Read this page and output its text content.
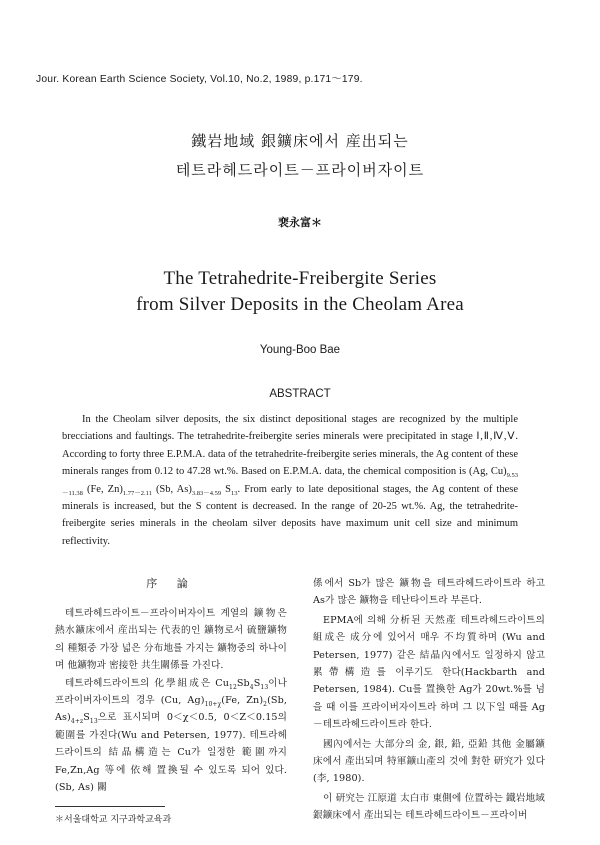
Jour. Korean Earth Science Society, Vol.10, No.2, 1989, p.171～179.
鐵岩地域 銀鑛床에서 産出되는
테트라헤드라이트－프라이버자이트
裵永富＊
The Tetrahedrite-Freibergite Series
from Silver Deposits in the Cheolam Area
Young-Boo Bae
ABSTRACT

In the Cheolam silver deposits, the six distinct depositional stages are recognized by the multiple brecciations and faultings. The tetrahedrite-freibergite series minerals were precipitated in stage Ⅰ,Ⅱ,Ⅳ,Ⅴ. According to forty three E.P.M.A. data of the tetrahedrite-freibergite series minerals, the Ag content of these minerals ranges from 0.12 to 47.28 wt.%. Based on E.P.M.A. data, the chemical composition is (Ag, $Cu)_{9.53-11.38}$ (Fe, $Zn)_{1.77-2.11}$ (Sb, $As)_{3.83-4.59}$ $S_{13}$. From early to late depositional stages, the Ag content of these minerals is increased, but the S content is decreased. In the range of 20-25 wt.%. Ag, the tetrahedrite-freibergite series minerals in the cheolam silver deposits have maximum unit cell size and minimum reflectivity.

序 論

테트라헤드라이트－프라이버자이트 계열의 鑛物은 熱水鑛床에서 産出되는 代表的인 鑛物로서 硫鹽鑛物의 種類중 가장 넓은 分布地를 가지는 鑛物중의 하나이며 他鑛物과 密接한 共生關係를 가진다.

테트라헤드라이트의 化學組成은 $Cu_{12}Sb_4S_{13}$이나 프라이버자이트의 경우 (Cu, $Ag)_{10+\chi}(Fe$, $Zn)_2(Sb$, $As)_{4+z}S_{13}$으로 표시되며 0＜χ＜0.5, 0＜Z＜0.15의 範圍를 가진다(Wu and Petersen, 1977). 테트라헤드라이트의 結晶構造는 Cu가 일정한 範圍까지 Fe,Zn,Ag 等에 依해 置換될 수 있도록 되어 있다. (Sb, As) 關

係에서 Sb가 많은 鑛物을 테트라헤드라이트라 하고 As가 많은 鑛物을 테난타이트라 부른다.

EPMA에 의해 分析된 天然產 테트라헤드라이트의 組成은 成分에 있어서 매우 不均質하며 (Wu and Petersen, 1977) 같은 結晶內에서도 일정하지 않고 累帶構造를 이루기도 한다(Hackbarth and Petersen, 1984). Cu를 置換한 Ag가 20wt.%를 넘을 때 이를 프라이버자이트라 하며 그 以下일 때를 Ag－테트라헤드라이트라 한다.

國內에서는 大部分의 金, 銀, 鉛, 亞鉛 其他 金屬鑛床에서 產出되며 特軍鑛山產의 것에 對한 研究가 있다(李, 1980).

이 研究는 江原道 太白市 東側에 位置하는 鐵岩地域 銀鑛床에서 產出되는 테트라헤드라이트－프라이버

＊서울대학교 지구과학교육과
